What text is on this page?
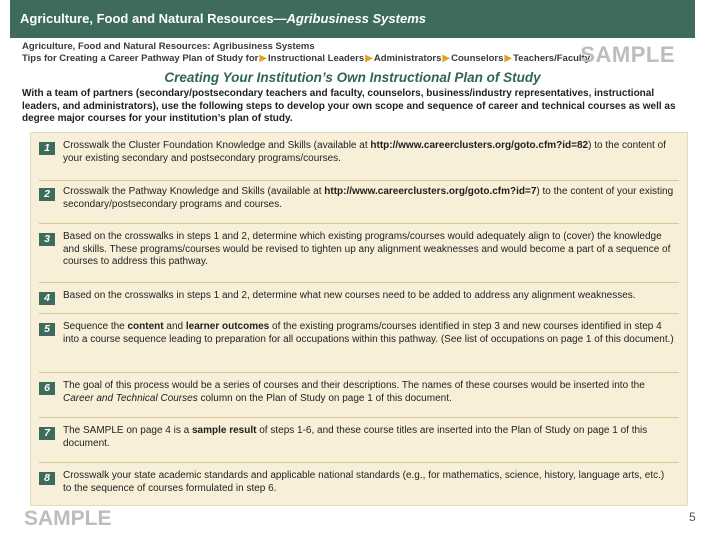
Agriculture, Food and Natural Resources—Agribusiness Systems
Agriculture, Food and Natural Resources: Agribusiness Systems
Tips for Creating a Career Pathway Plan of Study for ▶ Instructional Leaders ▶ Administrators ▶ Counselors ▶ Teachers/Faculty
SAMPLE
Creating Your Institution’s Own Instructional Plan of Study
With a team of partners (secondary/postsecondary teachers and faculty, counselors, business/industry representatives, instructional leaders, and administrators), use the following steps to develop your own scope and sequence of career and technical courses as well as degree major courses for your institution’s plan of study.
1	Crosswalk the Cluster Foundation Knowledge and Skills (available at http://www.careerclusters.org/goto.cfm?id=82) to the content of your existing secondary and postsecondary programs/courses.
2	Crosswalk the Pathway Knowledge and Skills (available at http://www.careerclusters.org/goto.cfm?id=7) to the content of your existing secondary/postsecondary programs and courses.
3	Based on the crosswalks in steps 1 and 2, determine which existing programs/courses would adequately align to (cover) the knowledge and skills. These programs/courses would be revised to tighten up any alignment weaknesses and would become a part of a sequence of courses to address this pathway.
4	Based on the crosswalks in steps 1 and 2, determine what new courses need to be added to address any alignment weaknesses.
5	Sequence the content and learner outcomes of the existing programs/courses identified in step 3 and new courses identified in step 4 into a course sequence leading to preparation for all occupations within this pathway. (See list of occupations on page 1 of this document.)
6	The goal of this process would be a series of courses and their descriptions. The names of these courses would be inserted into the Career and Technical Courses column on the Plan of Study on page 1 of this document.
7	The SAMPLE on page 4 is a sample result of steps 1-6, and these course titles are inserted into the Plan of Study on page 1 of this document.
8	Crosswalk your state academic standards and applicable national standards (e.g., for mathematics, science, history, language arts, etc.) to the sequence of courses formulated in step 6.
SAMPLE	5
